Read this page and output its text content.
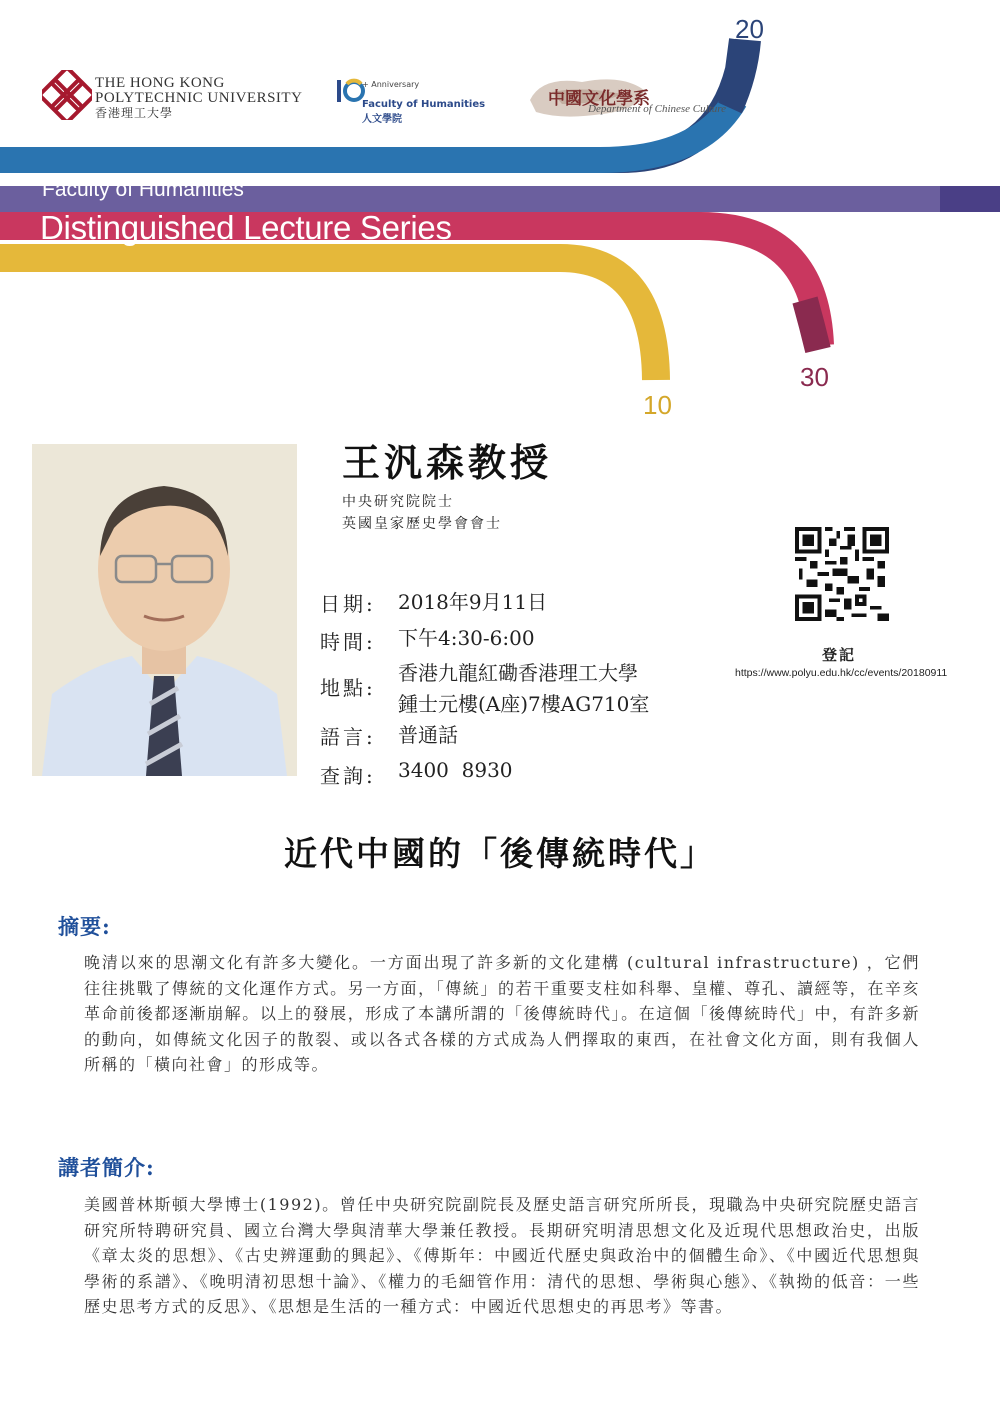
THE HONG KONG
POLYTECHNIC UNIVERSITY
香港理工大學
+ Anniversary
Faculty of Humanities
人文學院
中國文化學系
Department of Chinese Culture
Faculty of Humanities
Distinguished Lecture Series
20
30
10
王汎森教授
中央研究院院士
英國皇家歷史學會會士
日期: 2018年9月11日
時間: 下午4:30-6:00
地點:
香港九龍紅磡香港理工大學
鍾士元樓(A座)7樓AG710室
語言: 普通話
查詢: 3400  8930
登記
https://www.polyu.edu.hk/cc/events/20180911
近代中國的「後傳統時代」
摘要:
晚清以來的思潮文化有許多大變化。一方面出現了許多新的文化建構 (cultural infrastructure) ，它們往往挑戰了傳統的文化運作方式。另一方面，「傳統」的若干重要支柱如科舉、皇權、尊孔、讀經等，在辛亥革命前後都逐漸崩解。以上的發展，形成了本講所謂的「後傳統時代」。在這個「後傳統時代」中，有許多新的動向，如傳統文化因子的散裂、或以各式各樣的方式成為人們擇取的東西，在社會文化方面，則有我個人所稱的「橫向社會」的形成等。
講者簡介:
美國普林斯頓大學博士(1992)。曾任中央研究院副院長及歷史語言研究所所長，現職為中央研究院歷史語言研究所特聘研究員、國立台灣大學與清華大學兼任教授。長期研究明清思想文化及近現代思想政治史，出版《章太炎的思想》、《古史辨運動的興起》、《傅斯年：中國近代歷史與政治中的個體生命》、《中國近代思想與學術的系譜》、《晚明清初思想十論》、《權力的毛細管作用：清代的思想、學術與心態》、《執拗的低音：一些歷史思考方式的反思》、《思想是生活的一種方式：中國近代思想史的再思考》等書。
